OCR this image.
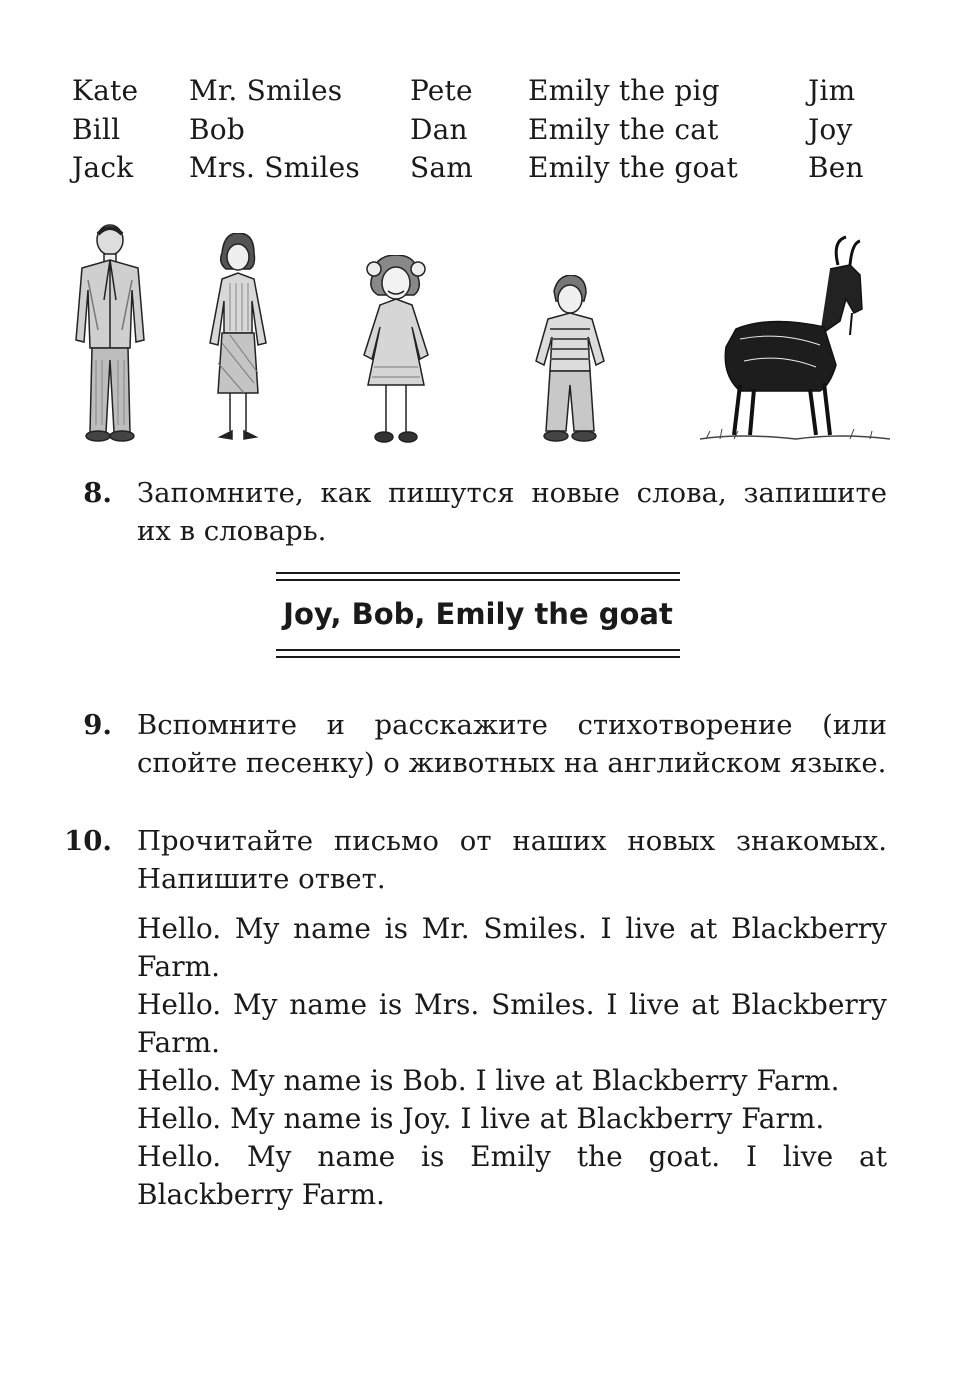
Kate	Mr. Smiles	Pete	Emily the pig	Jim
Bill	Bob	Dan	Emily the cat	Joy
Jack	Mrs. Smiles	Sam	Emily the goat	Ben
8. Запомните, как пишутся новые слова, запишите их в словарь.

Joy, Bob, Emily the goat
9. Вспомните и расскажите стихотворение (или спойте песенку) о животных на английском языке.

10. Прочитайте письмо от наших новых знакомых. Напишите ответ.

Hello. My name is Mr. Smiles. I live at Blackberry Farm.
Hello. My name is Mrs. Smiles. I live at Blackberry Farm.
Hello. My name is Bob. I live at Blackberry Farm.
Hello. My name is Joy. I live at Blackberry Farm.
Hello. My name is Emily the goat. I live at Blackberry Farm.
